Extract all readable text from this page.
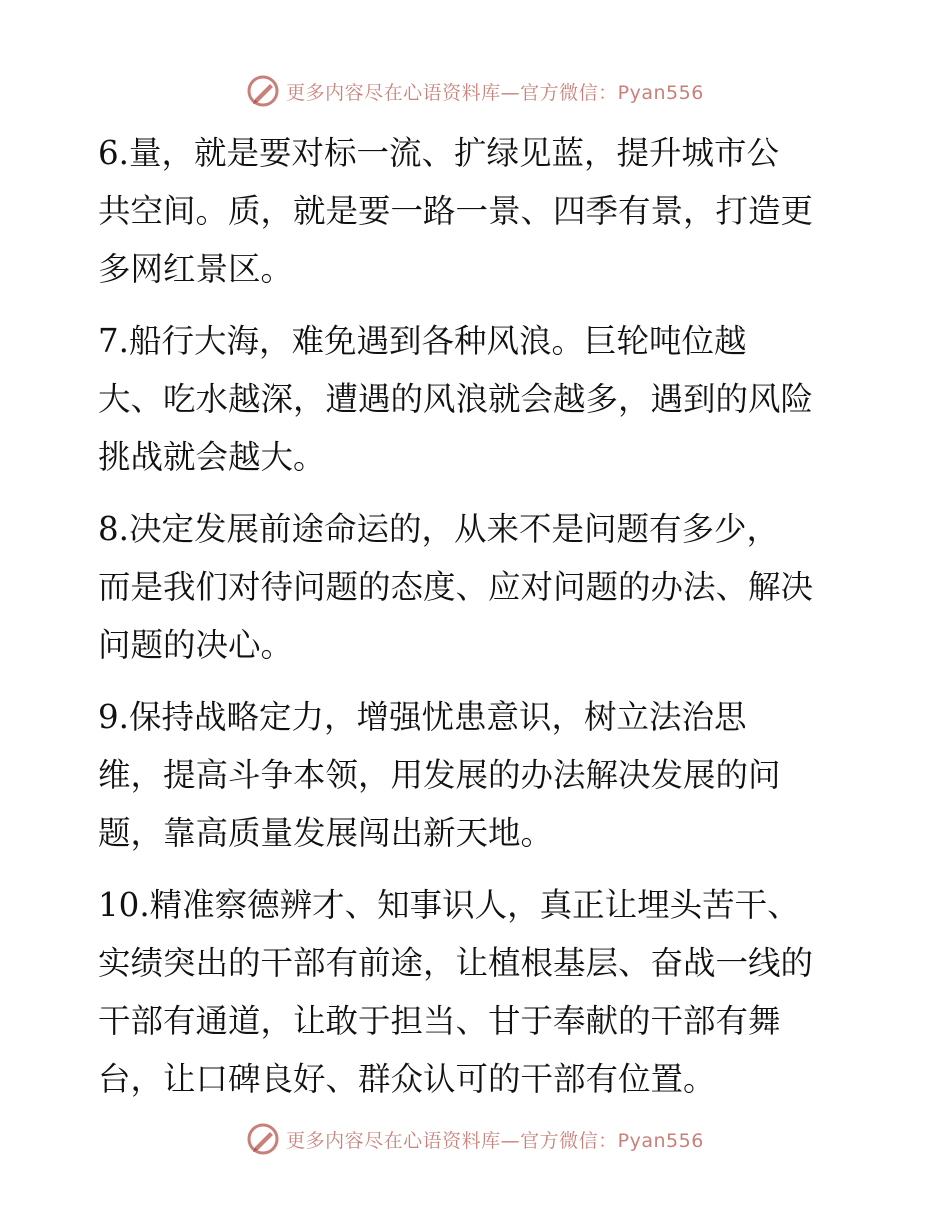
更多内容尽在心语资料库—官方微信：Pyan556
6.量，就是要对标一流、扩绿见蓝，提升城市公
共空间。质，就是要一路一景、四季有景，打造更
多网红景区。
7.船行大海，难免遇到各种风浪。巨轮吨位越
大、吃水越深，遭遇的风浪就会越多，遇到的风险
挑战就会越大。
8.决定发展前途命运的，从来不是问题有多少，
而是我们对待问题的态度、应对问题的办法、解决
问题的决心。
9.保持战略定力，增强忧患意识，树立法治思
维，提高斗争本领，用发展的办法解决发展的问
题，靠高质量发展闯出新天地。
10.精准察德辨才、知事识人，真正让埋头苦干、
实绩突出的干部有前途，让植根基层、奋战一线的
干部有通道，让敢于担当、甘于奉献的干部有舞
台，让口碑良好、群众认可的干部有位置。
更多内容尽在心语资料库—官方微信：Pyan556
